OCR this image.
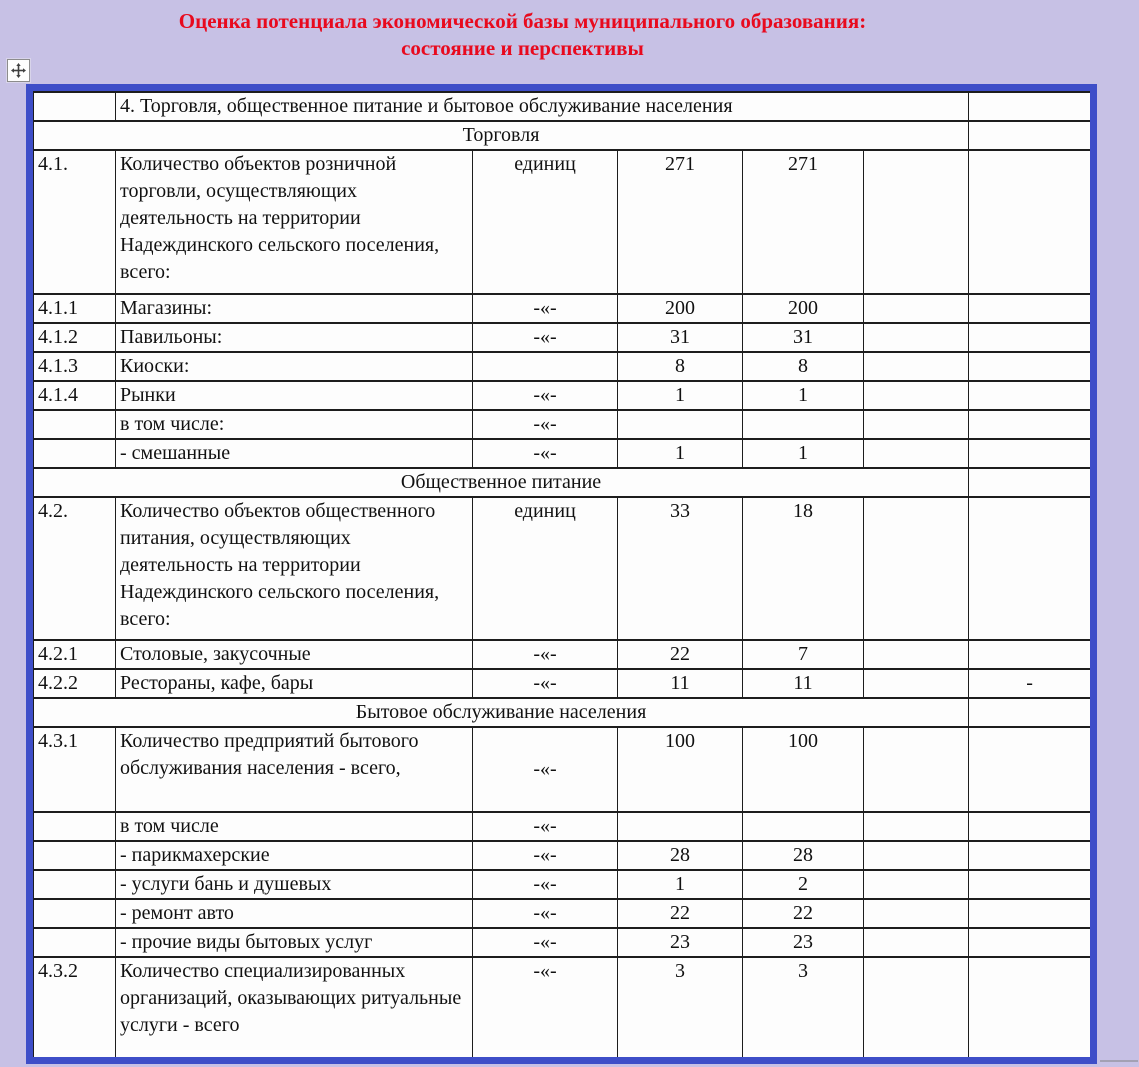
Оценка потенциала экономической базы муниципального образования:
состояние и перспективы
	4. Торговля, общественное питание и бытовое обслуживание населения					
Торговля						
4.1.	Количество объектов розничной торговли, осуществляющих деятельность на территории Надеждинского сельского поселения, всего:	единиц	271	271		
4.1.1	Магазины:	-«-	200	200		
4.1.2	Павильоны:	-«-	31	31		
4.1.3	Киоски:		8	8		
4.1.4	Рынки	-«-	1	1		
	в том числе:	-«-				
	- смешанные	-«-	1	1		
Общественное питание						
4.2.	Количество объектов общественного питания, осуществляющих деятельность на территории Надеждинского сельского поселения, всего:	единиц	33	18		
4.2.1	Столовые, закусочные	-«-	22	7		
4.2.2	Рестораны, кафе, бары	-«-	11	11		-
Бытовое обслуживание населения						
4.3.1	Количество предприятий бытового обслуживания населения - всего,	-«-	100	100		
	в том числе	-«-				
	- парикмахерские	-«-	28	28		
	- услуги бань и душевых	-«-	1	2		
	- ремонт авто	-«-	22	22		
	- прочие виды бытовых услуг	-«-	23	23		
4.3.2	Количество специализированных организаций, оказывающих ритуальные услуги - всего	-«-	3	3		
